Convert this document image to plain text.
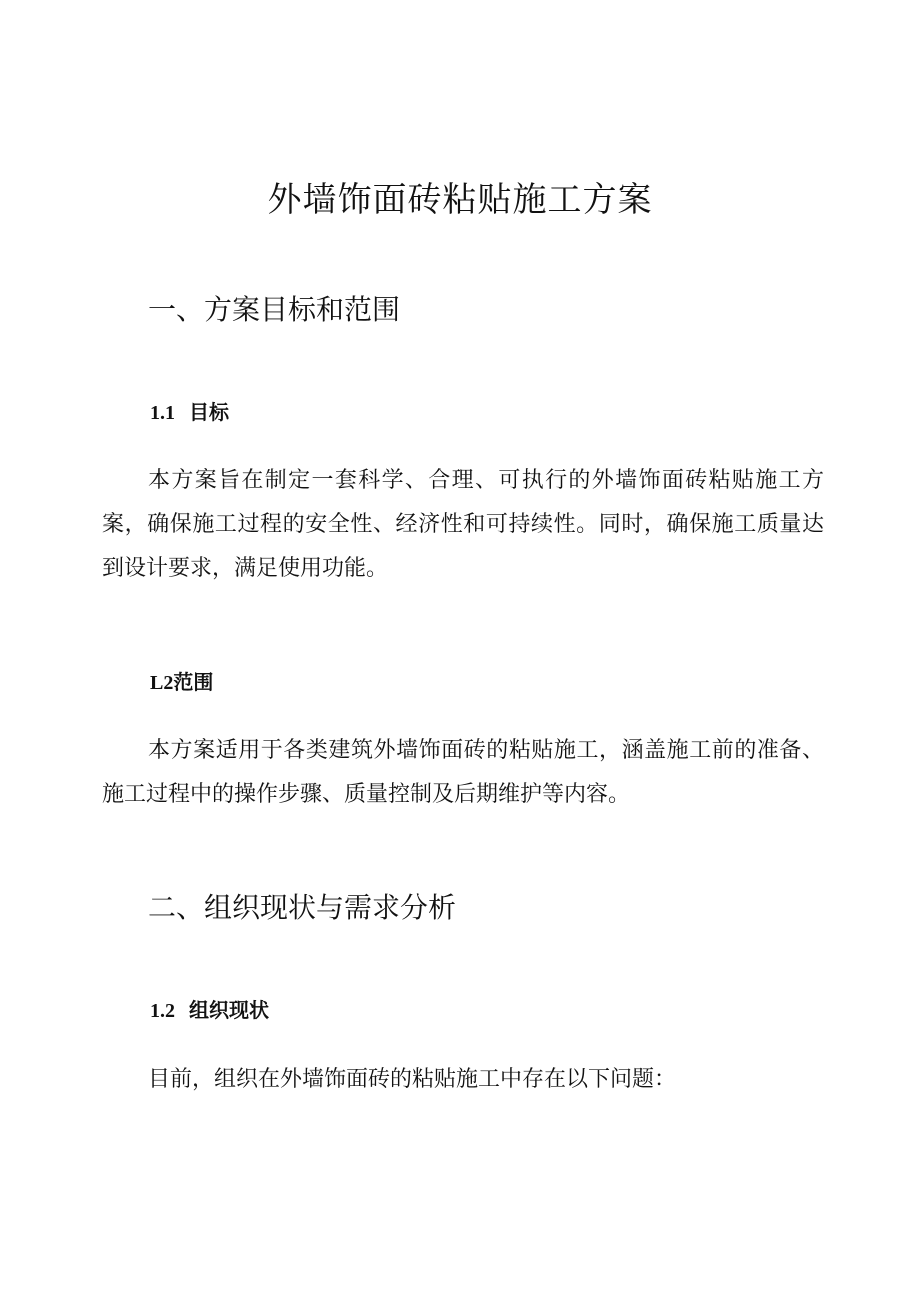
外墙饰面砖粘贴施工方案
一、方案目标和范围
1.1 目标

本方案旨在制定一套科学、合理、可执行的外墙饰面砖粘贴施工方案，确保施工过程的安全性、经济性和可持续性。同时，确保施工质量达到设计要求，满足使用功能。

L2范围

本方案适用于各类建筑外墙饰面砖的粘贴施工，涵盖施工前的准备、施工过程中的操作步骤、质量控制及后期维护等内容。

二、组织现状与需求分析
1.2 组织现状

目前，组织在外墙饰面砖的粘贴施工中存在以下问题：
